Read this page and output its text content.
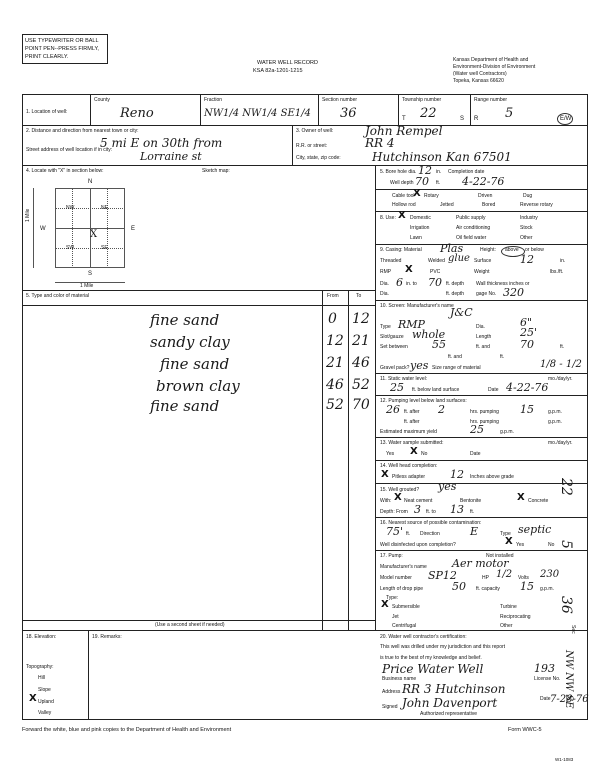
USE TYPEWRITER OR BALL
POINT PEN--PRESS FIRMLY,
PRINT CLEARLY.
WATER WELL RECORD
KSA 82a-1201-1215
Kansas Department of Health and
Environment-Division of Environment
(Water well Contractors)
Topeka, Kansas 66620
1. Location of well:
County
Reno
Fraction
NW1/4 NW1/4 SE1/4
Section number
36
Township number
T 22	S
Range number
R 5	E/W
2. Distance and direction from nearest town or city:
5 mi E on 30th from
Street address of well location if in city:	Lorraine st
3. Owner of well:	John Rempel
R.R. or street:	RR 4
City, state, zip code:	Hutchinson Kan 67501
4. Locate with "X" in section below:	Sketch map:
N
S
W	E
NW	NE
SW	SE
X
1 Mile
1 Mile
5. Type and color of material	From	To
fine sand	0 12
sandy clay	12 21
fine sand	21 46
brown clay	46 52
fine sand	52 70
(Use a second sheet if needed)
5. Bore hole dia. 12 in. Completion date
Well depth 70 ft. 4-22-76
X
Cable tool Rotary	Driven	Dug
Hollow rod	Jetted	Bored	Reverse rotary
8. Use: X Domestic	Public supply	Industry
Irrigation	Air conditioning	Stock
Lawn	Oil field water	Other
9. Casing: Material Plas	Height: above or below
Threaded	Welded glue Surface	12	in.
RMP X	PVC	Weight	lbs./ft.
Dia. 6 in. to 70 ft. depth Wall thickness inches or
Dia.	ft. depth gage No. 320
10. Screen: Manufacturer's name
J&C
Type RMP	Dia.	6"
Slot/gauze whole	Length	25'
Set between 55	ft. and	70	ft.
ft. and	ft.
Gravel pack? yes Size range of material	1/8 - 1/2
11. Static water level:	mo./day/yr.
25 ft. below land surface	Date 4-22-76
12. Pumping level below land surfaces:
26 ft. after 2	hrs. pumping 15	g.p.m.
ft. after	hrs. pumping	g.p.m.
Estimated maximum yield	25	g.p.m.
13. Water sample submitted:	mo./day/yr.
Yes X No	Date
14. Well head completion:
X Pitless adapter 12 Inches above grade
15. Well grouted? yes
With: X Neat cement	Bentonite	X Concrete
Depth: From 3 ft. to 13 ft.
16. Nearest source of possible contamination:
75' ft. Direction	E	Type septic
Well disinfected upon completion?	X Yes	No
17. Pump:	Not installed
Manufacturer's name Aer motor
Model number SP12	HP 1/2 Volts 230
Length of drop pipe	50 ft. capacity 15 g.p.m.
Type:
X Submersible	Turbine
Jet	Reciprocating
Centrifugal	Other
18. Elevation:
Topography:
Hill
Slope
X Upland
Valley
19. Remarks:	20. Water well contractor's certification:
This well was drilled under my jurisdiction and this report
is true to the best of my knowledge and belief.
Price Water Well	193
Business name	License No.
Address RR 3 Hutchinson
Signed John Davenport	Date 7-28-76
Authorized representative
Forward the white, blue and pink copies to the Department of Health and Environment	Form WWC-5
W1-1083
22
5
36
Sec
NW NW SE
